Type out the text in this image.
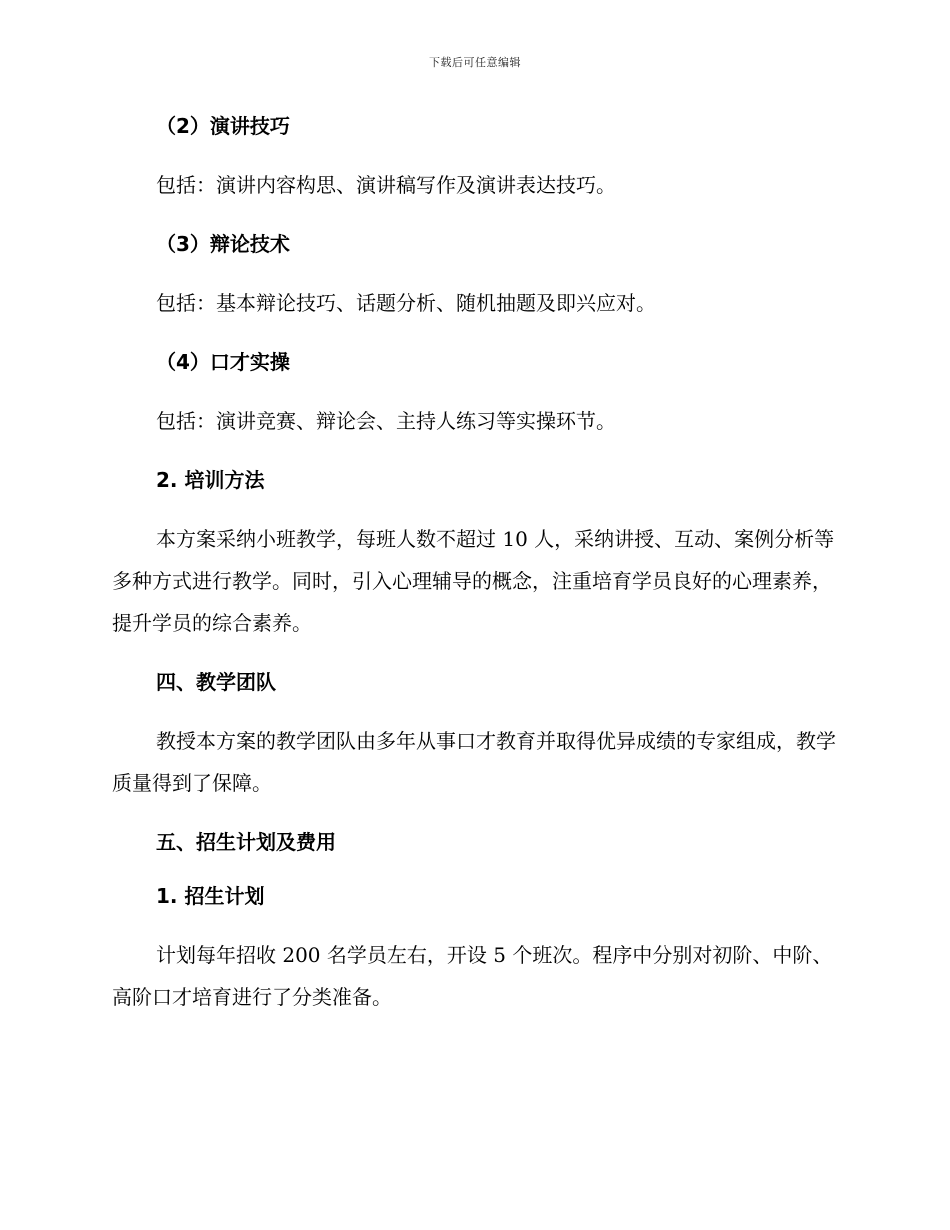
下载后可任意编辑
（2）演讲技巧

包括：演讲内容构思、演讲稿写作及演讲表达技巧。

（3）辩论技术

包括：基本辩论技巧、话题分析、随机抽题及即兴应对。

（4）口才实操

包括：演讲竞赛、辩论会、主持人练习等实操环节。

2. 培训方法

本方案采纳小班教学，每班人数不超过 10 人，采纳讲授、互动、案例分析等多种方式进行教学。同时，引入心理辅导的概念，注重培育学员良好的心理素养，提升学员的综合素养。

四、教学团队

教授本方案的教学团队由多年从事口才教育并取得优异成绩的专家组成，教学质量得到了保障。

五、招生计划及费用
1. 招生计划

计划每年招收 200 名学员左右，开设 5 个班次。程序中分别对初阶、中阶、高阶口才培育进行了分类准备。
